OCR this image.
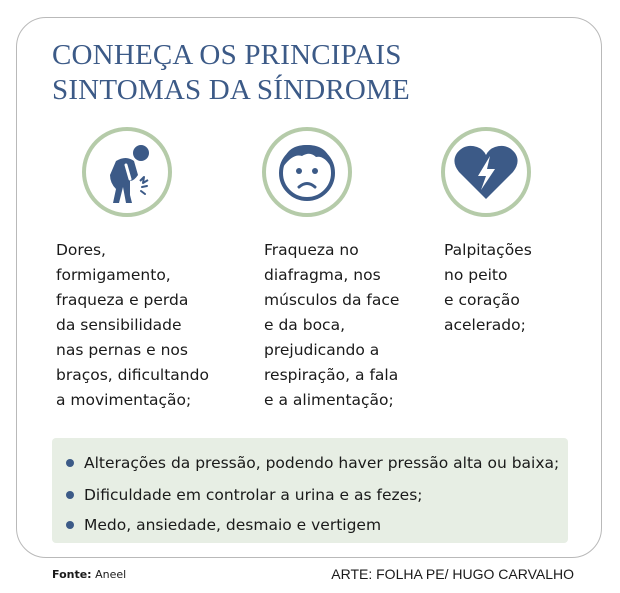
CONHEÇA OS PRINCIPAIS
SINTOMAS DA SÍNDROME

Dores,
formigamento,
fraqueza e perda
da sensibilidade
nas pernas e nos
braços, dificultando
a movimentação;

Fraqueza no
diafragma, nos
músculos da face
e da boca,
prejudicando a
respiração, a fala
e a alimentação;

Palpitações
no peito
e coração
acelerado;

Alterações da pressão, podendo haver pressão alta ou baixa;
Dificuldade em controlar a urina e as fezes;
Medo, ansiedade, desmaio e vertigem
Fonte: Aneel	ARTE: FOLHA PE/ HUGO CARVALHO
